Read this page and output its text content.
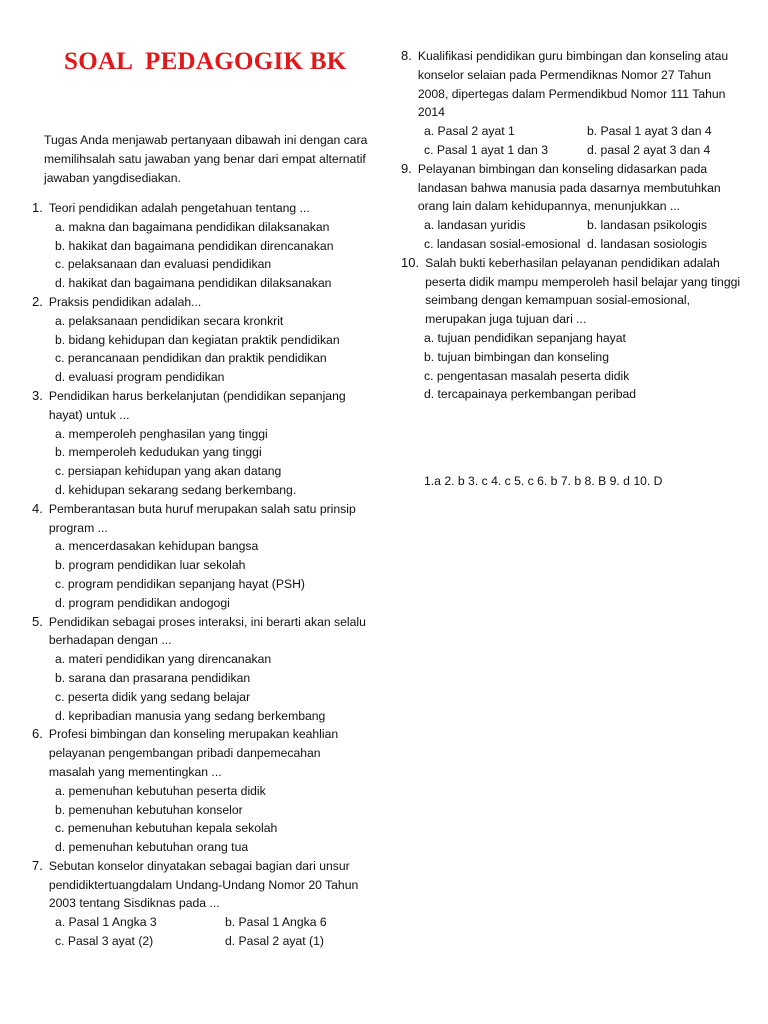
SOAL  PEDAGOGIK BK
Tugas Anda menjawab pertanyaan dibawah ini dengan cara memilihsalah satu jawaban yang benar dari empat alternatif jawaban yangdisediakan.
1. Teori pendidikan adalah pengetahuan tentang ...
a. makna dan bagaimana pendidikan dilaksanakan
b. hakikat dan bagaimana pendidikan direncanakan
c. pelaksanaan dan evaluasi pendidikan
d. hakikat dan bagaimana pendidikan dilaksanakan
2. Praksis pendidikan adalah...
a. pelaksanaan pendidikan secara kronkrit
b. bidang kehidupan dan kegiatan praktik pendidikan
c. perancanaan pendidikan dan praktik pendidikan
d. evaluasi program pendidikan
3. Pendidikan harus berkelanjutan (pendidikan sepanjang hayat) untuk ...
a. memperoleh penghasilan yang tinggi
b. memperoleh kedudukan yang tinggi
c. persiapan kehidupan yang akan datang
d. kehidupan sekarang sedang berkembang.
4. Pemberantasan buta huruf merupakan salah satu prinsip program ...
a. mencerdasakan kehidupan bangsa
b. program pendidikan luar sekolah
c. program pendidikan sepanjang hayat (PSH)
d. program pendidikan andogogi
5. Pendidikan sebagai proses interaksi, ini berarti akan selalu berhadapan dengan ...
a. materi pendidikan yang direncanakan
b. sarana dan prasarana pendidikan
c. peserta didik yang sedang belajar
d. kepribadian manusia yang sedang berkembang
6. Profesi bimbingan dan konseling merupakan keahlian pelayanan pengembangan pribadi danpemecahan masalah yang mementingkan ...
a. pemenuhan kebutuhan peserta didik
b. pemenuhan kebutuhan konselor
c. pemenuhan kebutuhan kepala sekolah
d. pemenuhan kebutuhan orang tua
7. Sebutan konselor dinyatakan sebagai bagian dari unsur pendidiktertuangdalam Undang-Undang Nomor 20 Tahun 2003 tentang Sisdiknas pada ...
a. Pasal 1 Angka 3	b. Pasal 1 Angka 6
c. Pasal 3 ayat (2)	d. Pasal 2 ayat (1)
8. Kualifikasi pendidikan guru bimbingan dan konseling atau konselor selaian pada Permendiknas Nomor 27 Tahun 2008, dipertegas dalam Permendikbud Nomor 111 Tahun 2014
a. Pasal 2 ayat 1	b. Pasal 1 ayat 3 dan 4
c. Pasal 1 ayat 1 dan 3	d. pasal 2 ayat 3 dan 4
9. Pelayanan bimbingan dan konseling didasarkan pada landasan bahwa manusia pada dasarnya membutuhkan orang lain dalam kehidupannya, menunjukkan ...
a. landasan yuridis	b. landasan psikologis
c. landasan sosial-emosional d. landasan sosiologis
10. Salah bukti keberhasilan pelayanan pendidikan adalah peserta didik mampu memperoleh hasil belajar yang tinggi seimbang dengan kemampuan sosial-emosional, merupakan juga tujuan dari ...
a. tujuan pendidikan sepanjang hayat
b. tujuan bimbingan dan konseling
c. pengentasan masalah peserta didik
d. tercapainaya perkembangan peribad
1.a 2. b 3. c 4. c 5. c 6. b 7. b 8. B 9. d 10. D
